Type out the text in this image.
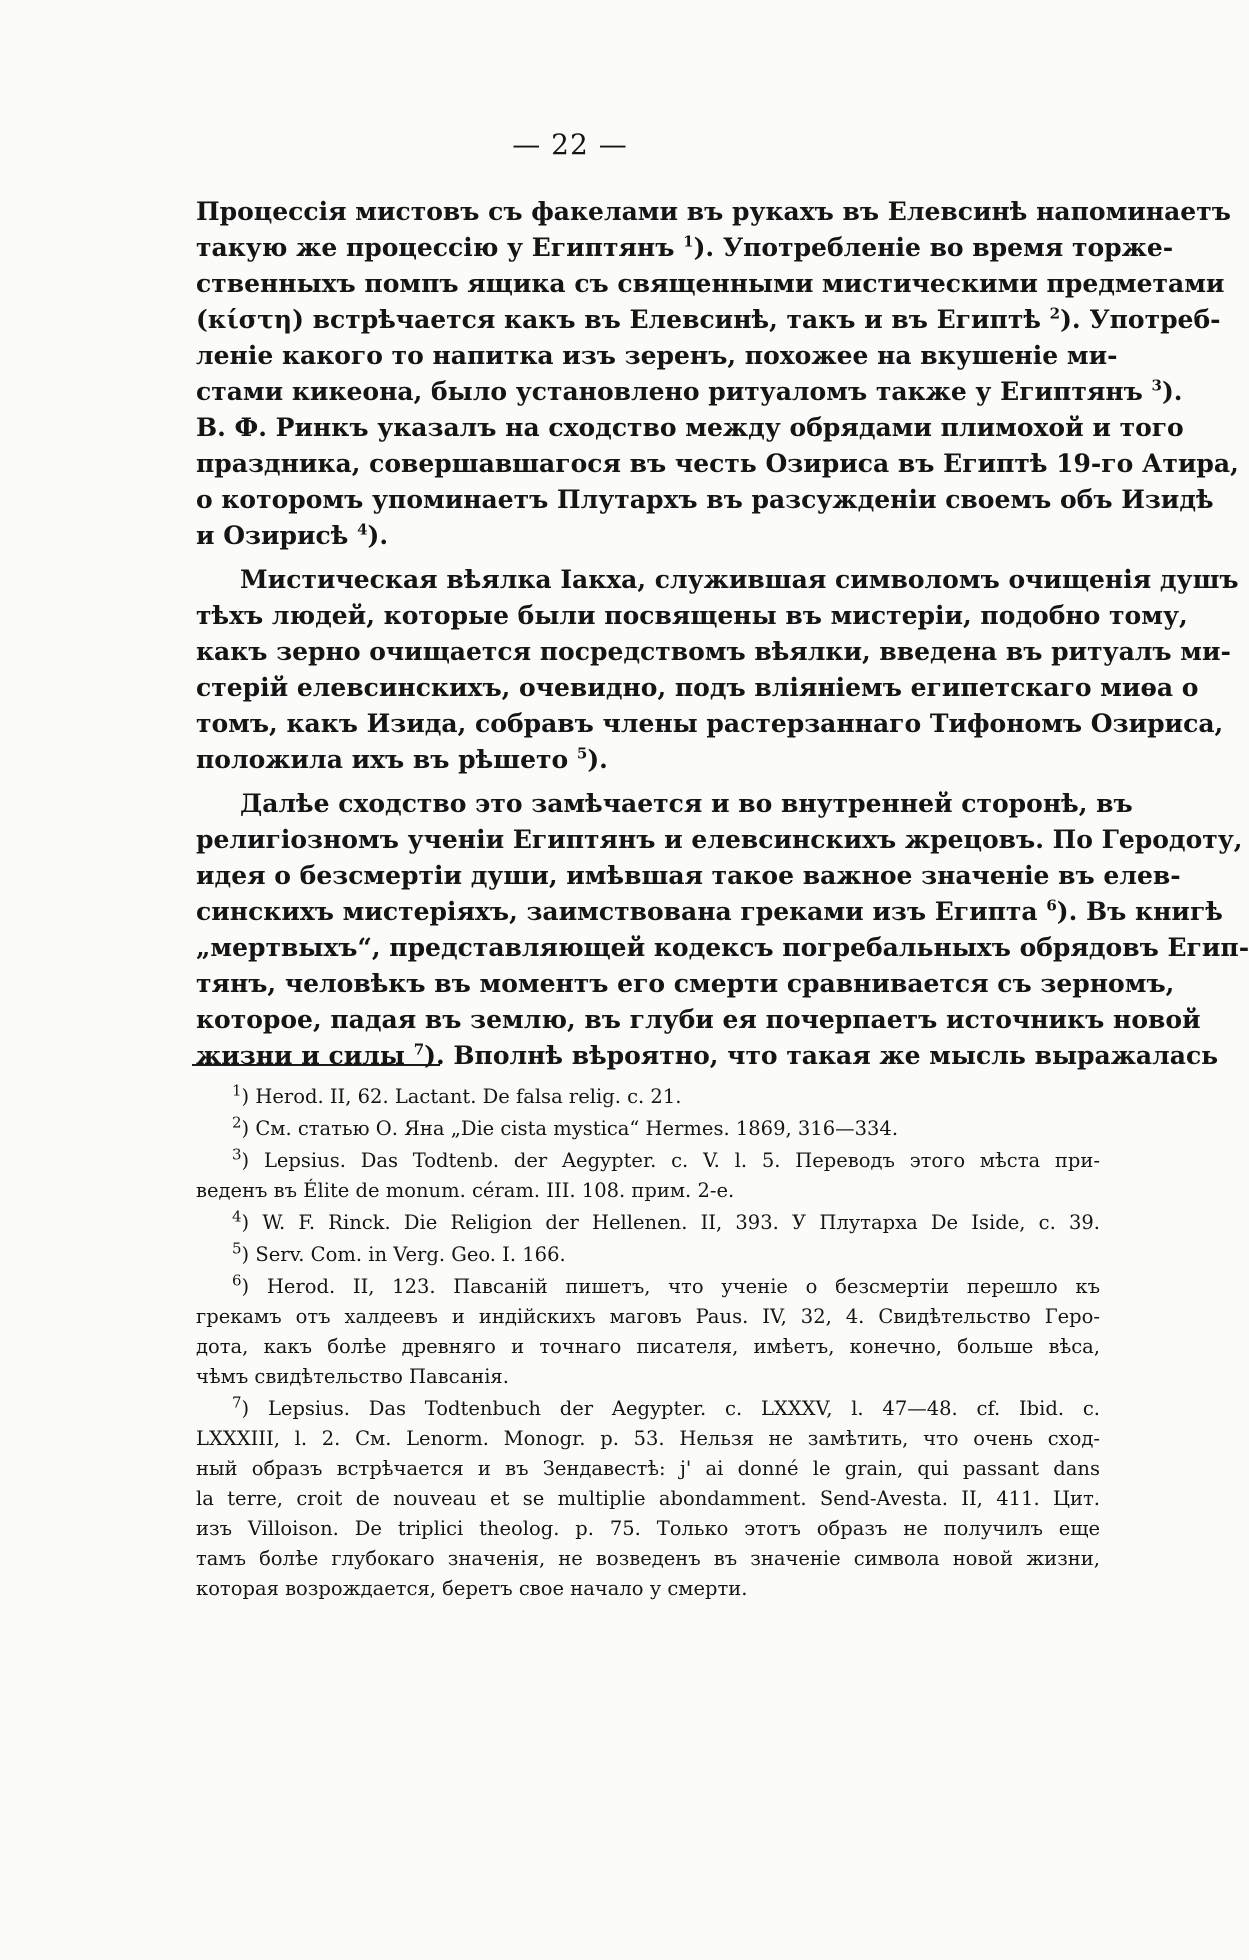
— 22 —
Процессія мистовъ съ факелами въ рукахъ въ Елевсинѣ напоминаетъ
такую же процессію у Египтянъ $^1$). Употребленіе во время торже-
ственныхъ помпъ ящика съ священными мистическими предметами
(κίστη) встрѣчается какъ въ Елевсинѣ, такъ и въ Египтѣ $^2$). Употреб-
леніе какого то напитка изъ зеренъ, похожее на вкушеніе ми-
стами кикеона, было установлено ритуаломъ также у Египтянъ $^3$).
В. Ф. Ринкъ указалъ на сходство между обрядами плимохой и того
праздника, совершавшагося въ честь Озириса въ Египтѣ 19-го Атира,
о которомъ упоминаетъ Плутархъ въ разсужденіи своемъ объ Изидѣ
и Озирисѣ $^4$).
Мистическая вѣялка Іакха, служившая символомъ очищенія душъ
тѣхъ людей, которые были посвящены въ мистеріи, подобно тому,
какъ зерно очищается посредствомъ вѣялки, введена въ ритуалъ ми-
стерій елевсинскихъ, очевидно, подъ вліяніемъ египетскаго миѳа о
томъ, какъ Изида, собравъ члены растерзаннаго Тифономъ Озириса,
положила ихъ въ рѣшето $^5$).
Далѣе сходство это замѣчается и во внутренней сторонѣ, въ
религіозномъ ученіи Египтянъ и елевсинскихъ жрецовъ. По Геродоту,
идея о безсмертіи души, имѣвшая такое важное значеніе въ елев-
синскихъ мистеріяхъ, заимствована греками изъ Египта $^6$). Въ книгѣ
„мертвыхъ“, представляющей кодексъ погребальныхъ обрядовъ Егип-
тянъ, человѣкъ въ моментъ его смерти сравнивается съ зерномъ,
которое, падая въ землю, въ глуби ея почерпаетъ источникъ новой
жизни и силы $^7$). Вполнѣ вѣроятно, что такая же мысль выражалась
$^1$) Herod. II, 62. Lactant. De falsa relig. c. 21.
$^2$) См. статью О. Яна „Die cista mystica“ Hermes. 1869, 316—334.
$^3$) Lepsius. Das Todtenb. der Aegypter. c. V. l. 5. Переводъ этого мѣста при-
веденъ въ Élite de monum. céram. III. 108. прим. 2-е.
$^4$) W. F. Rinck. Die Religion der Hellenen. II, 393. У Плутарха De Iside, c. 39.
$^5$) Serv. Com. in Verg. Geo. I. 166.
$^6$) Herod. II, 123. Павсаній пишетъ, что ученіе о безсмертіи перешло къ
грекамъ отъ халдеевъ и индійскихъ маговъ Paus. IV, 32, 4. Свидѣтельство Геро-
дота, какъ болѣе древняго и точнаго писателя, имѣетъ, конечно, больше вѣса,
чѣмъ свидѣтельство Павсанія.
$^7$) Lepsius. Das Todtenbuch der Aegypter. c. LXXXV, l. 47—48. cf. Ibid. c.
LXXXIII, l. 2. См. Lenorm. Monogr. p. 53. Нельзя не замѣтить, что очень сход-
ный образъ встрѣчается и въ Зендавестѣ: j' ai donné le grain, qui passant dans
la terre, croit de nouveau et se multiplie abondamment. Send-Avesta. II, 411. Цит.
изъ Villoison. De triplici theolog. p. 75. Только этотъ образъ не получилъ еще
тамъ болѣе глубокаго значенія, не возведенъ въ значеніе символа новой жизни,
которая возрождается, беретъ свое начало у смерти.
